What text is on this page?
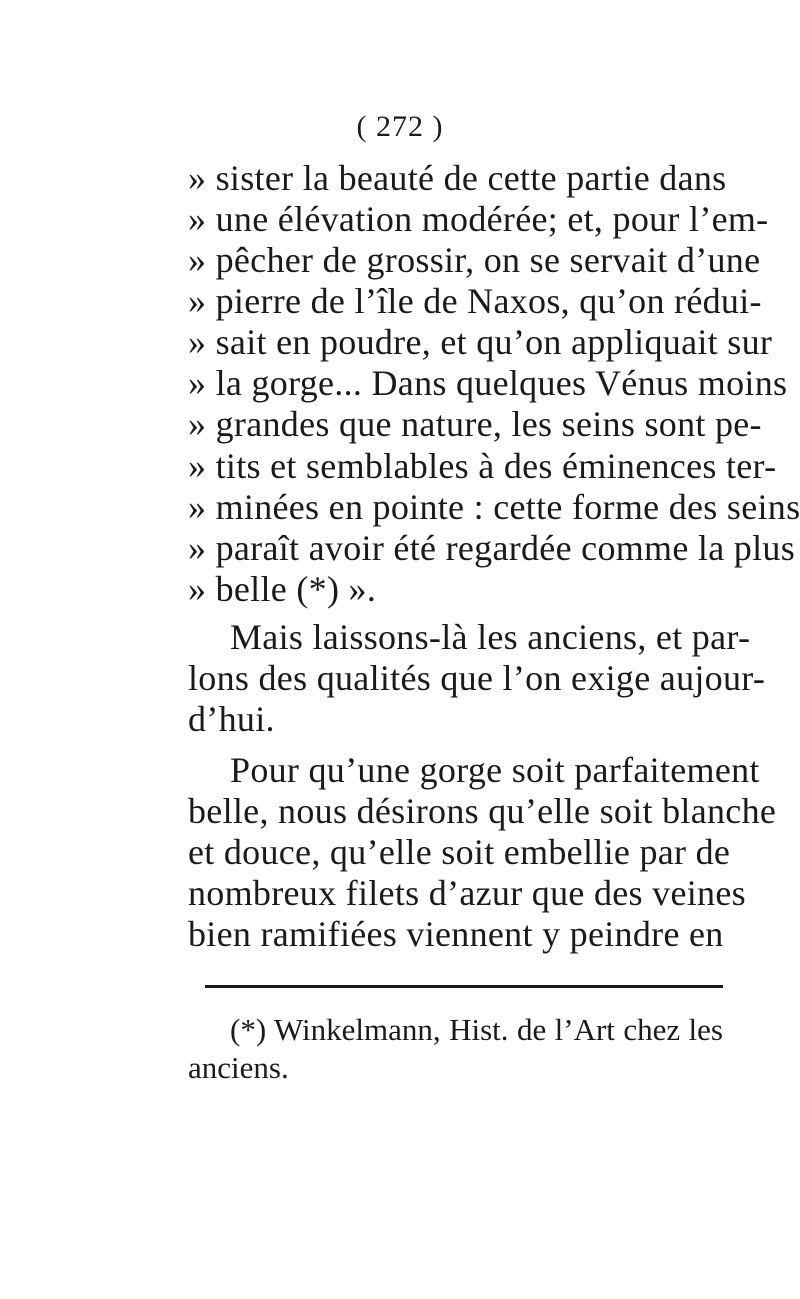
( 272 )
» sister la beauté de cette partie dans
» une élévation modérée; et, pour l’em-
» pêcher de grossir, on se servait d’une
» pierre de l’île de Naxos, qu’on rédui-
» sait en poudre, et qu’on appliquait sur
» la gorge... Dans quelques Vénus moins
» grandes que nature, les seins sont pe-
» tits et semblables à des éminences ter-
» minées en pointe : cette forme des seins
» paraît avoir été regardée comme la plus
» belle (*) ».
Mais laissons-là les anciens, et par-
lons des qualités que l’on exige aujour-
d’hui.
Pour qu’une gorge soit parfaitement
belle, nous désirons qu’elle soit blanche
et douce, qu’elle soit embellie par de
nombreux filets d’azur que des veines
bien ramifiées viennent y peindre en
(*) Winkelmann, Hist. de l’Art chez les
anciens.
